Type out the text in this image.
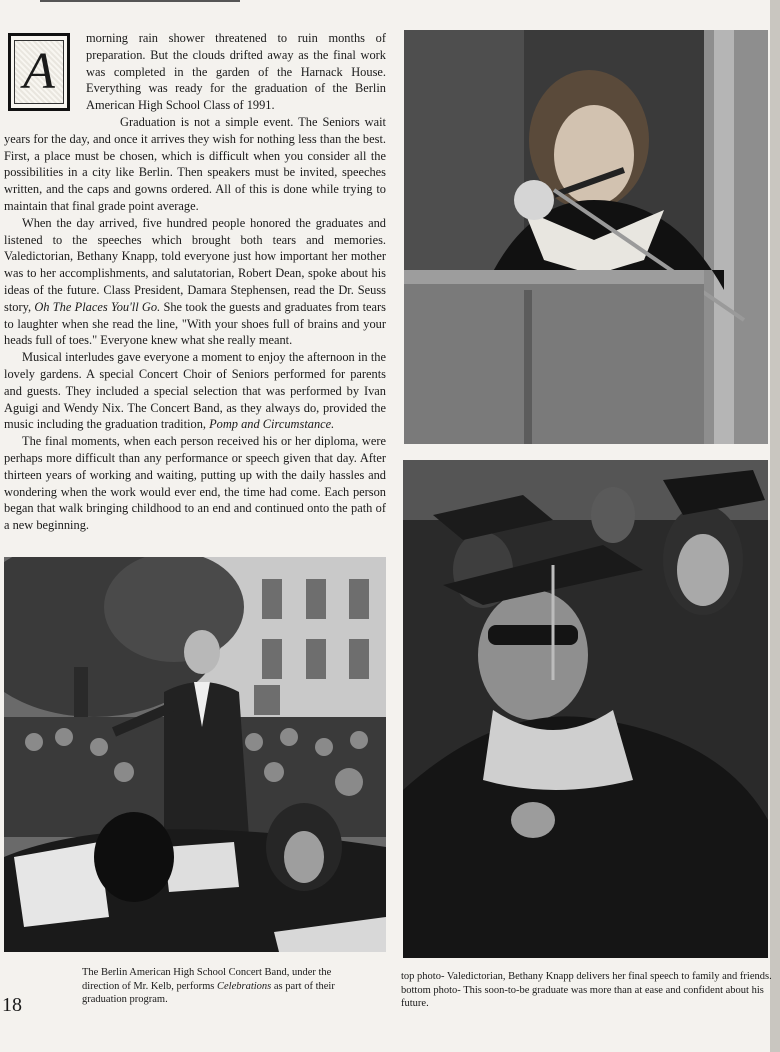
A

morning rain shower threatened to ruin months of preparation. But the clouds drifted away as the final work was completed in the garden of the Harnack House. Everything was ready for the graduation of the Berlin American High School Class of 1991.

Graduation is not a simple event. The Seniors wait years for the day, and once it arrives they wish for nothing less than the best. First, a place must be chosen, which is difficult when you consider all the possibilities in a city like Berlin. Then speakers must be invited, speeches written, and the caps and gowns ordered. All of this is done while trying to maintain that final grade point average.

When the day arrived, five hundred people honored the graduates and listened to the speeches which brought both tears and memories. Valedictorian, Bethany Knapp, told everyone just how important her mother was to her accomplishments, and salutatorian, Robert Dean, spoke about his ideas of the future. Class President, Damara Stephensen, read the Dr. Seuss story, Oh The Places You'll Go. She took the guests and graduates from tears to laughter when she read the line, "With your shoes full of brains and your heads full of toes." Everyone knew what she really meant.

Musical interludes gave everyone a moment to enjoy the afternoon in the lovely gardens. A special Concert Choir of Seniors performed for parents and guests. They included a special selection that was performed by Ivan Aguigi and Wendy Nix. The Concert Band, as they always do, provided the music including the graduation tradition, Pomp and Circumstance.

The final moments, when each person received his or her diploma, were perhaps more difficult than any performance or speech given that day. After thirteen years of working and waiting, putting up with the daily hassles and wondering when the work would ever end, the time had come. Each person began that walk bringing childhood to an end and continued onto the path of a new beginning.

The Berlin American High School Concert Band, under the direction of Mr. Kelb, performs Celebrations as part of their graduation program.
top photo- Valedictorian, Bethany Knapp delivers her final speech to family and friends.
bottom photo- This soon-to-be graduate was more than at ease and confident about his future.
18
